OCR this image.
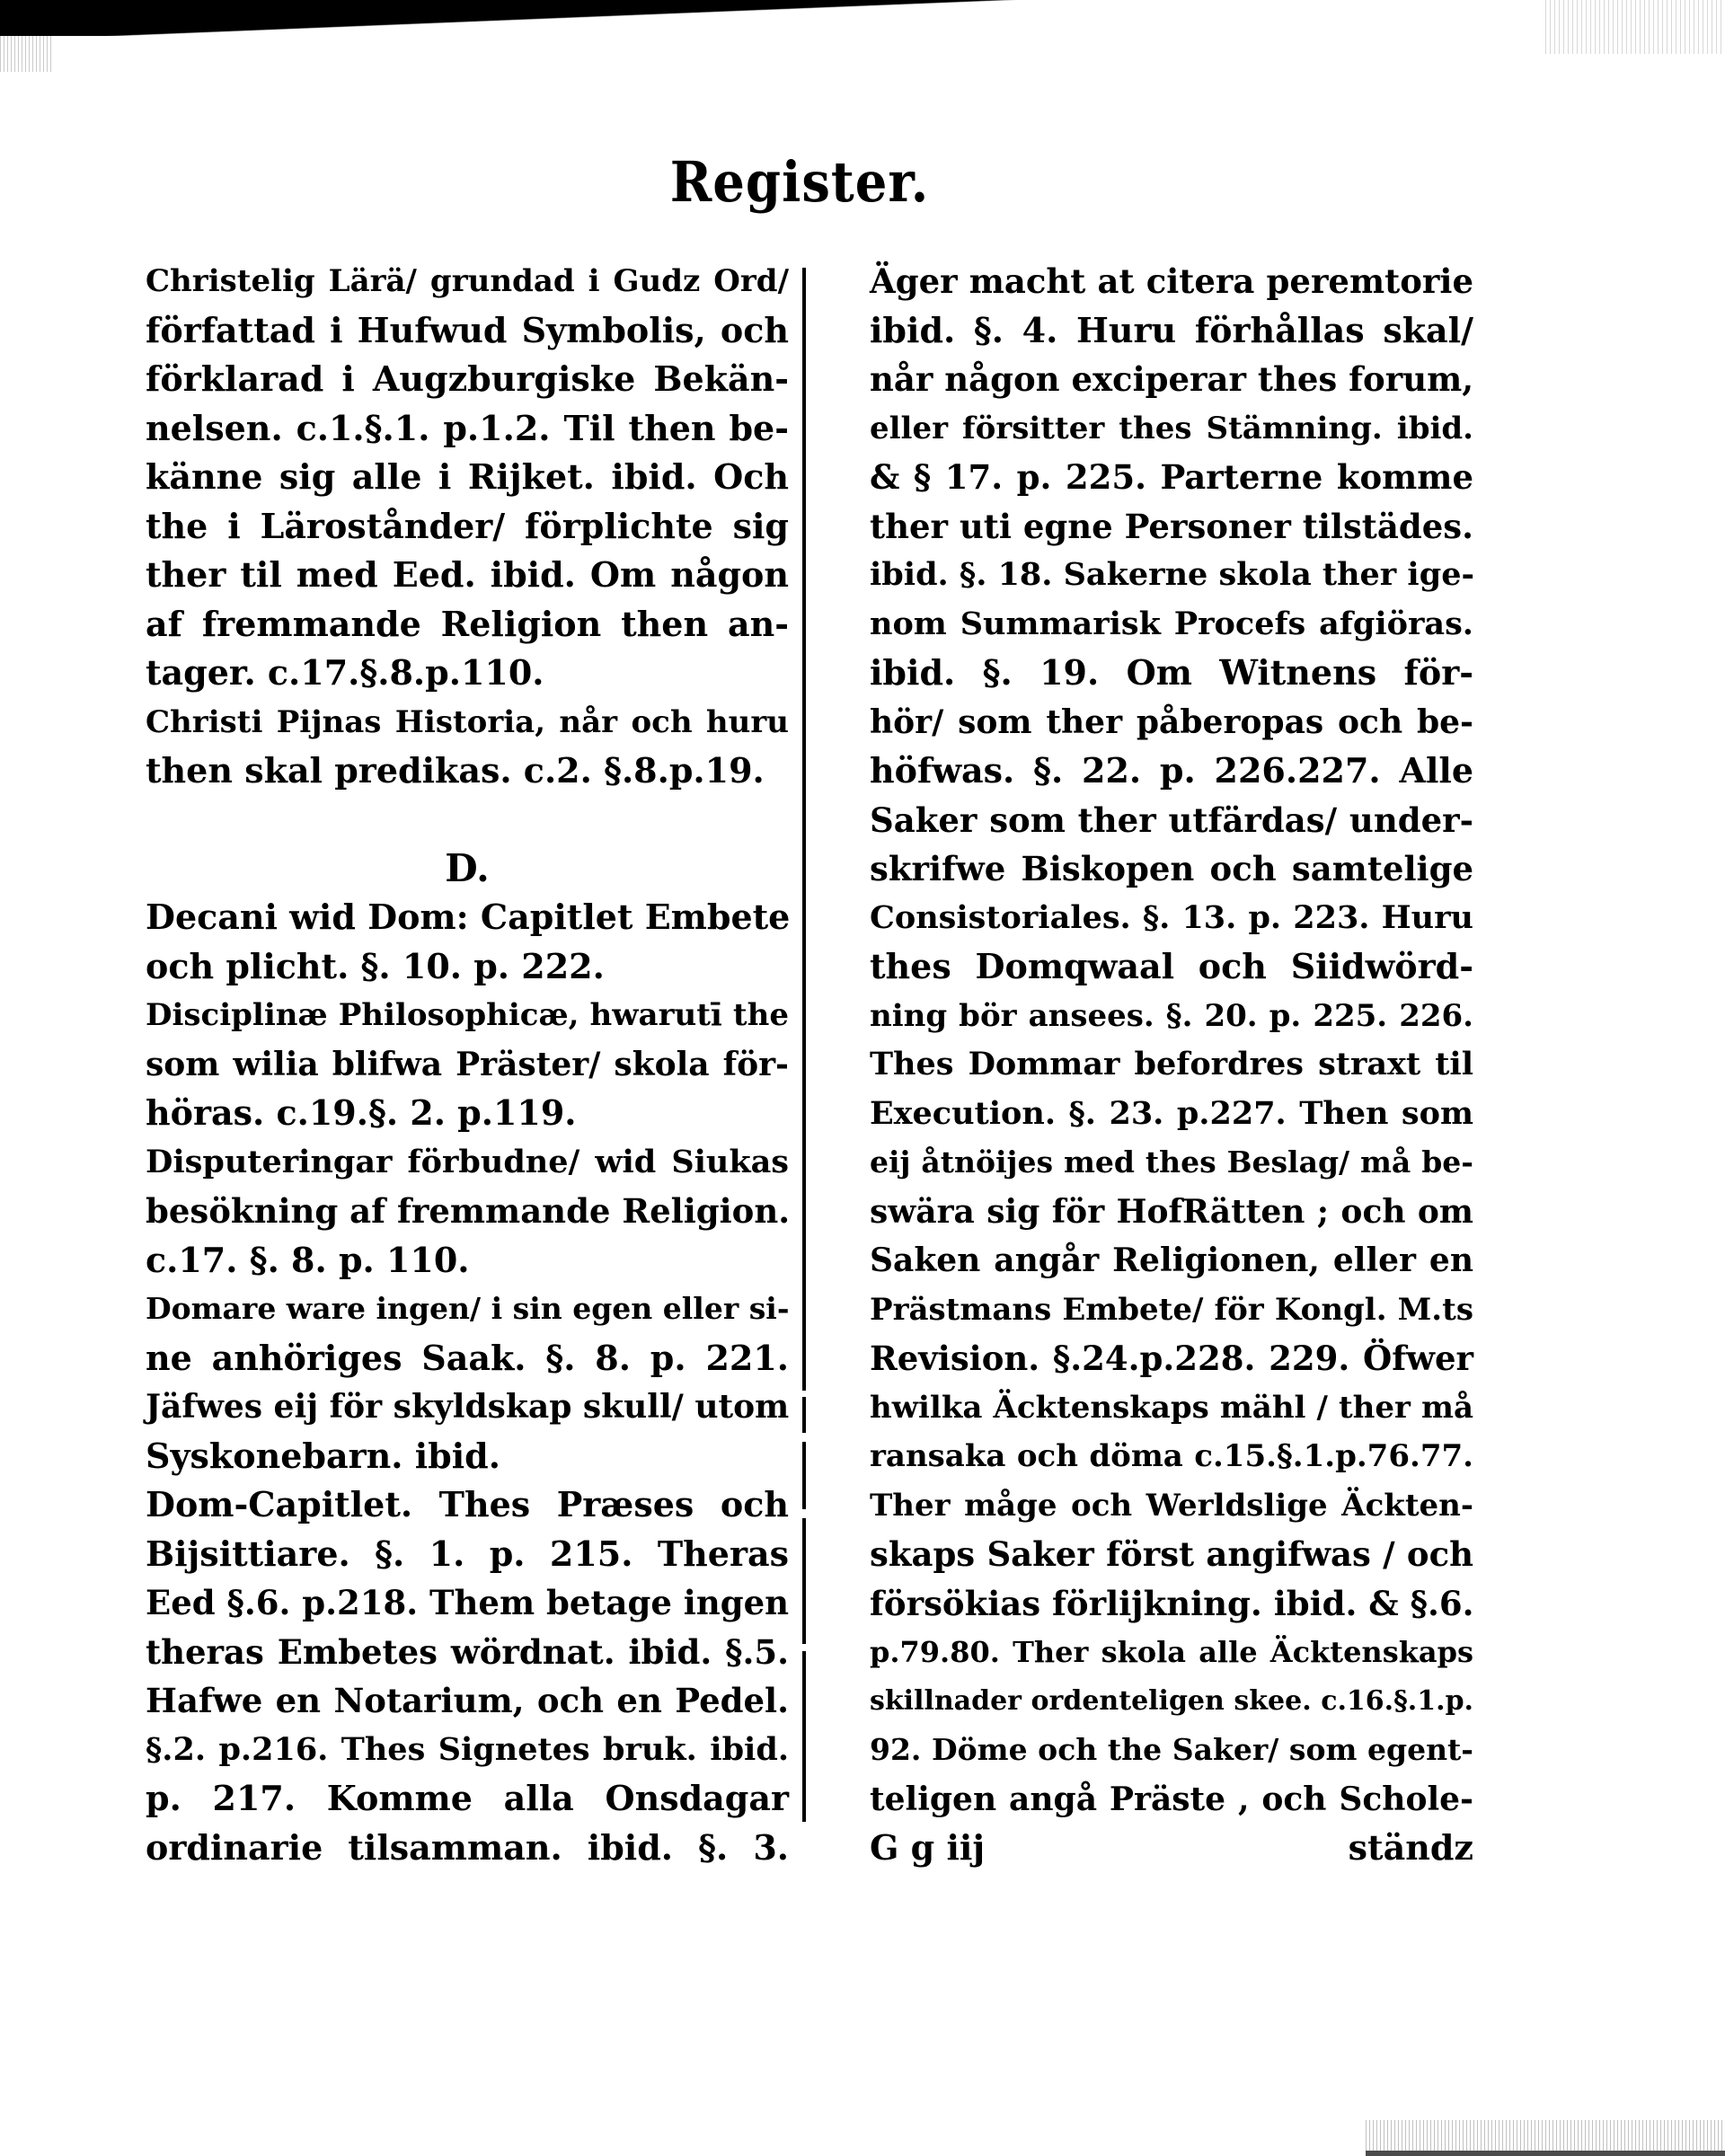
Register.

Christelig Lärä/ grundad i Gudz Ord/
författad i Hufwud Symbolis, och
förklarad i Augzburgiske Bekän-
nelsen. c.1.§.1. p.1.2. Til then be-
känne sig alle i Rijket. ibid. Och
the i Lärostånder/ förplichte sig
ther til med Eed. ibid. Om någon
af fremmande Religion then an-
tager. c.17.§.8.p.110.

Christi Pijnas Historia, når och huru
then skal predikas. c.2. §.8.p.19.

D.

Decani wid Dom: Capitlet Embete
och plicht. §. 10. p. 222.

Disciplinæ Philosophicæ, hwarutī the
som wilia blifwa Präster/ skola för-
höras. c.19.§. 2. p.119.

Disputeringar förbudne/ wid Siukas
besökning af fremmande Religion.
c.17. §. 8. p. 110.

Domare ware ingen/ i sin egen eller si-
ne anhöriges Saak. §. 8. p. 221.
Jäfwes eij för skyldskap skull/ utom
Syskonebarn. ibid.

Dom-Capitlet. Thes Præses och
Bijsittiare. §. 1. p. 215. Theras
Eed §.6. p.218. Them betage ingen
theras Embetes wördnat. ibid. §.5.
Hafwe en Notarium, och en Pedel.
§.2. p.216. Thes Signetes bruk. ibid.
p. 217. Komme alla Onsdagar
ordinarie tilsamman. ibid. §. 3.

Äger macht at citera peremtorie
ibid. §. 4. Huru förhållas skal/
når någon exciperar thes forum,
eller försitter thes Stämning. ibid.
& § 17. p. 225. Parterne komme
ther uti egne Personer tilstädes.
ibid. §. 18. Sakerne skola ther ige-
nom Summarisk Procefs afgiöras.
ibid. §. 19. Om Witnens för-
hör/ som ther påberopas och be-
höfwas. §. 22. p. 226.227. Alle
Saker som ther utfärdas/ under-
skrifwe Biskopen och samtelige
Consistoriales. §. 13. p. 223. Huru
thes Domqwaal och Siidwörd-
ning bör ansees. §. 20. p. 225. 226.
Thes Dommar befordres straxt til
Execution. §. 23. p.227. Then som
eij åtnöijes med thes Beslag/ må be-
swära sig för HofRätten ; och om
Saken angår Religionen, eller en
Prästmans Embete/ för Kongl. M.ts
Revision. §.24.p.228. 229. Öfwer
hwilka Äcktenskaps mähl / ther må
ransaka och döma c.15.§.1.p.76.77.
Ther måge och Werldslige Äckten-
skaps Saker först angifwas / och
försökias förlijkning. ibid. & §.6.
p.79.80. Ther skola alle Äcktenskaps
skillnader ordenteligen skee. c.16.§.1.p.
92. Döme och the Saker/ som egent-
teligen angå Präste , och Schole-
G g iij	ständz
